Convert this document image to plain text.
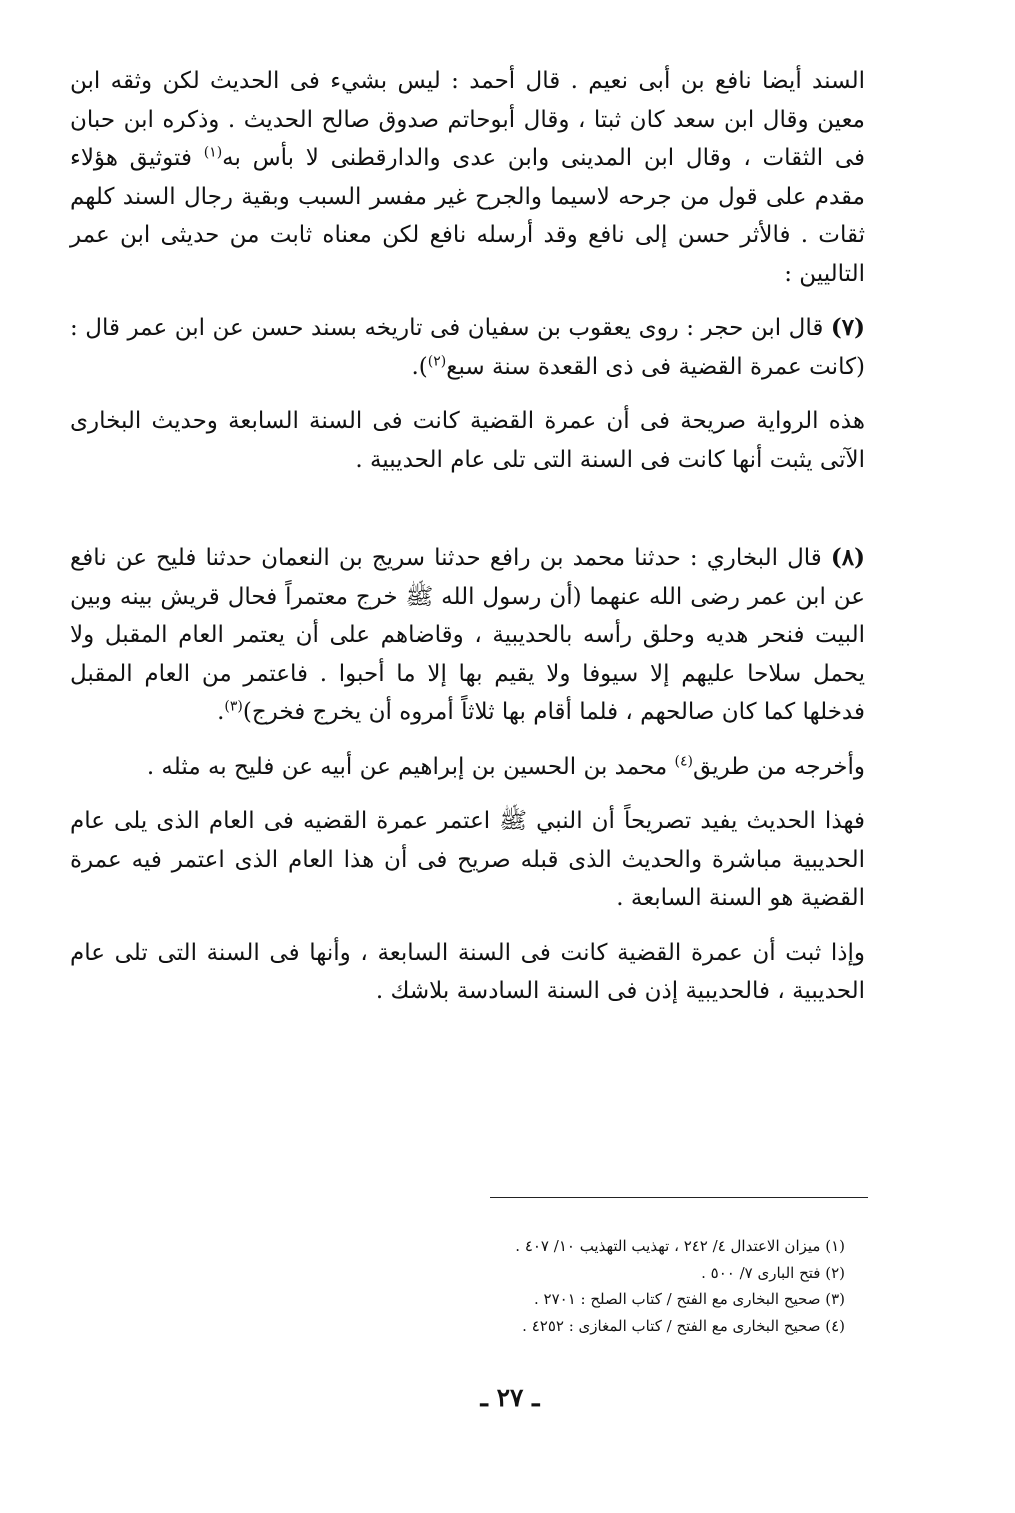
السند أيضا نافع بن أبى نعيم . قال أحمد : ليس بشيء فى الحديث لكن وثقه ابن معين وقال ابن سعد كان ثبتا ، وقال أبوحاتم صدوق صالح الحديث . وذكره ابن حبان فى الثقات ، وقال ابن المدينى وابن عدى والدارقطنى لا بأس به$^{(١)}$ فتوثيق هؤلاء مقدم على قول من جرحه لاسيما والجرح غير مفسر السبب وبقية رجال السند كلهم ثقات . فالأثر حسن إلى نافع وقد أرسله نافع لكن معناه ثابت من حديثى ابن عمر التاليين :

(٧) قال ابن حجر : روى يعقوب بن سفيان فى تاريخه بسند حسن عن ابن عمر قال : (كانت عمرة القضية فى ذى القعدة سنة سبع$^{(٢)}$).

هذه الرواية صريحة فى أن عمرة القضية كانت فى السنة السابعة وحديث البخارى الآتى يثبت أنها كانت فى السنة التى تلى عام الحديبية .

(٨) قال البخاري : حدثنا محمد بن رافع حدثنا سريج بن النعمان حدثنا فليح عن نافع عن ابن عمر رضى الله عنهما (أن رسول الله ﷺ خرج معتمراً فحال قريش بينه وبين البيت فنحر هديه وحلق رأسه بالحديبية ، وقاضاهم على أن يعتمر العام المقبل ولا يحمل سلاحا عليهم إلا سيوفا ولا يقيم بها إلا ما أحبوا . فاعتمر من العام المقبل فدخلها كما كان صالحهم ، فلما أقام بها ثلاثاً أمروه أن يخرج فخرج)$^{(٣)}$.

وأخرجه من طريق$^{(٤)}$ محمد بن الحسين بن إبراهيم عن أبيه عن فليح به مثله .

فهذا الحديث يفيد تصريحاً أن النبي ﷺ اعتمر عمرة القضيه فى العام الذى يلى عام الحديبية مباشرة والحديث الذى قبله صريح فى أن هذا العام الذى اعتمر فيه عمرة القضية هو السنة السابعة .

وإذا ثبت أن عمرة القضية كانت فى السنة السابعة ، وأنها فى السنة التى تلى عام الحديبية ، فالحديبية إذن فى السنة السادسة بلاشك .

(١) ميزان الاعتدال ٤/ ٢٤٢ ، تهذيب التهذيب ١٠/ ٤٠٧ .

(٢) فتح البارى ٧/ ٥٠٠ .

(٣) صحيح البخارى مع الفتح / كتاب الصلح : ٢٧٠١ .

(٤) صحيح البخارى مع الفتح / كتاب المغازى : ٤٢٥٢ .

ـ ٢٧ ـ
